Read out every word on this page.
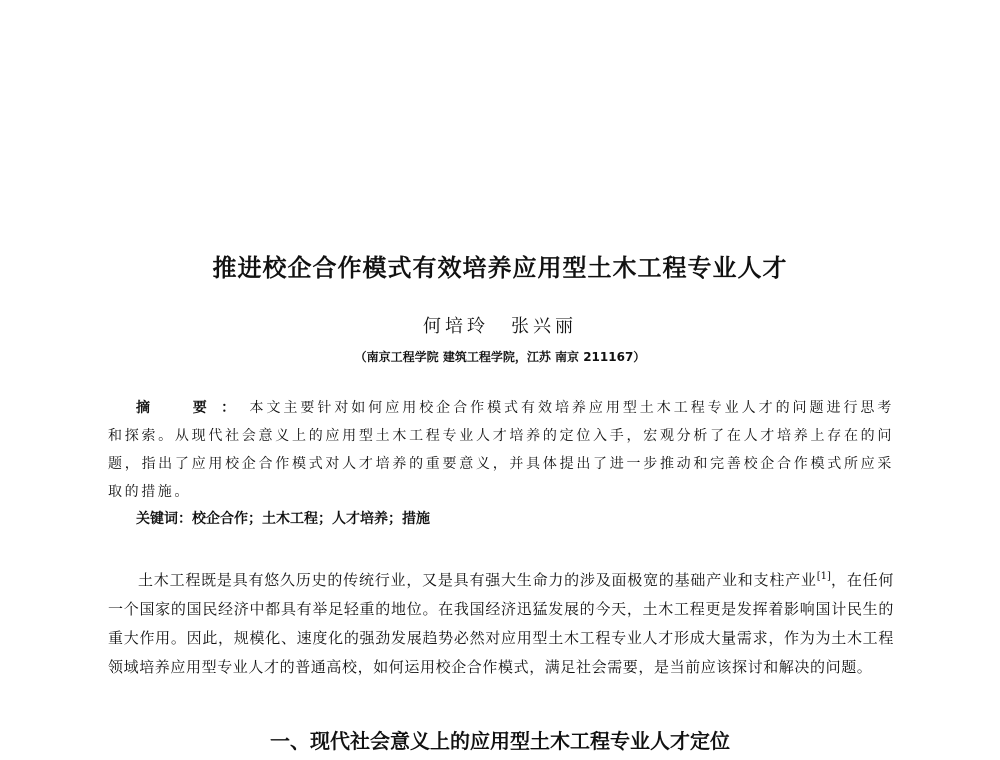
推进校企合作模式有效培养应用型土木工程专业人才
何培玲　张兴丽
（南京工程学院 建筑工程学院，江苏 南京 211167）

摘　要：本文主要针对如何应用校企合作模式有效培养应用型土木工程专业人才的问题进行思考和探索。从现代社会意义上的应用型土木工程专业人才培养的定位入手，宏观分析了在人才培养上存在的问题，指出了应用校企合作模式对人才培养的重要意义，并具体提出了进一步推动和完善校企合作模式所应采取的措施。

关键词：校企合作；土木工程；人才培养；措施

土木工程既是具有悠久历史的传统行业，又是具有强大生命力的涉及面极宽的基础产业和支柱产业[1]，在任何一个国家的国民经济中都具有举足轻重的地位。在我国经济迅猛发展的今天，土木工程更是发挥着影响国计民生的重大作用。因此，规模化、速度化的强劲发展趋势必然对应用型土木工程专业人才形成大量需求，作为为土木工程领域培养应用型专业人才的普通高校，如何运用校企合作模式，满足社会需要，是当前应该探讨和解决的问题。

一、现代社会意义上的应用型土木工程专业人才定位
